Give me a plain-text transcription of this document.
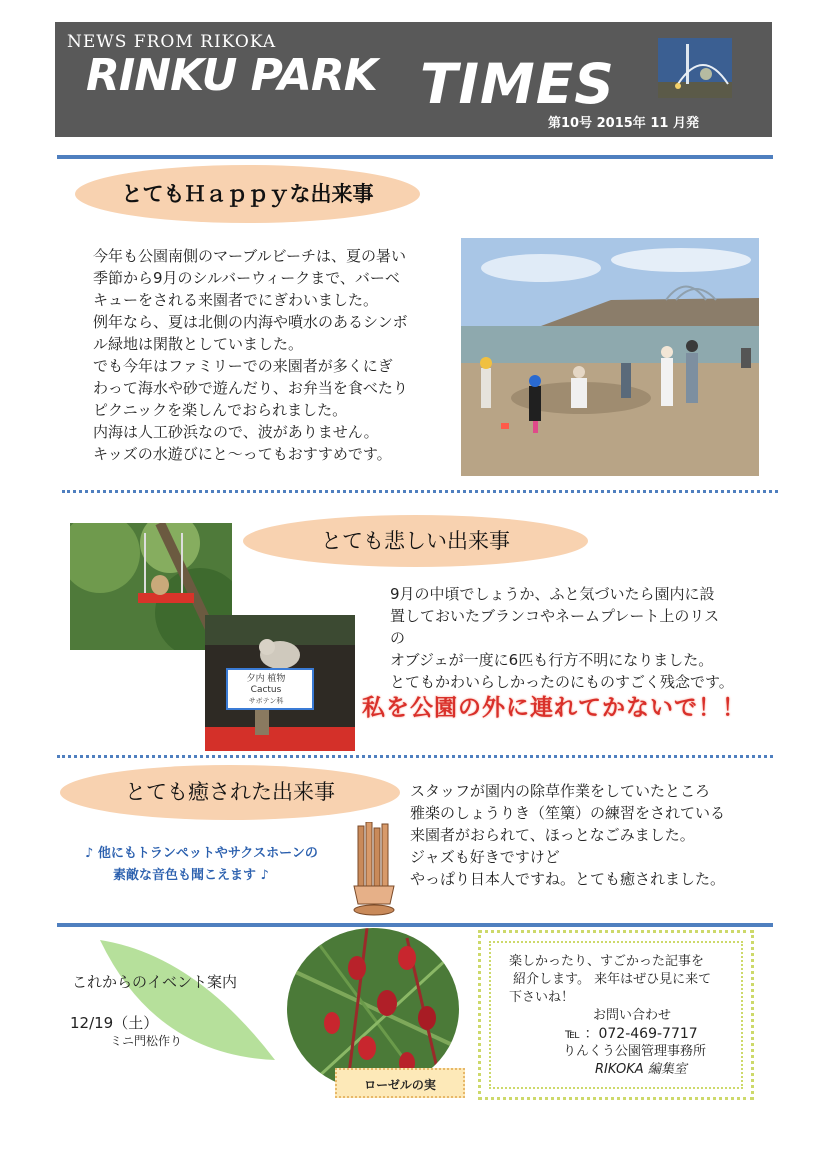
NEWS FROM RIKOKA
RINKU PARK TIMES
第10号 2015年 11 月発
とてもＨａｐｐｙな出来事
今年も公園南側のマーブルビーチは、夏の暑い
季節から9月のシルバーウィークまで、バーベ
キューをされる来園者でにぎわいました。
例年なら、夏は北側の内海や噴水のあるシンボ
ル緑地は閑散としていました。
でも今年はファミリーでの来園者が多くにぎ
わって海水や砂で遊んだり、お弁当を食べたり
ピクニックを楽しんでおられました。
内海は人工砂浜なので、波がありません。
キッズの水遊びにと～ってもおすすめです。
夕内 植物
Cactus
サボテン科
とても悲しい出来事
9月の中頃でしょうか、ふと気づいたら園内に設
置しておいたブランコやネームプレート上のリス
の
オブジェが一度に6匹も行方不明になりました。
とてもかわいらしかったのにものすごく残念です。
私を公園の外に連れてかないで！！
とても癒された出来事
♪ 他にもトランペットやサクスホーンの
素敵な音色も聞こえます ♪
スタッフが園内の除草作業をしていたところ
雅楽のしょうりき（笙篥）の練習をされている
来園者がおられて、ほっとなごみました。
ジャズも好きですけど
やっぱり日本人ですね。とても癒されました。
これからのイベント案内
12/19（土）
ミニ門松作り
ローゼルの実
楽しかったり、すごかった記事を
紹介します。 来年はぜひ見に来て
下さいね！
お問い合わせ
℡ ：072-469-7717
りんくう公園管理事務所
RIKOKA 編集室
